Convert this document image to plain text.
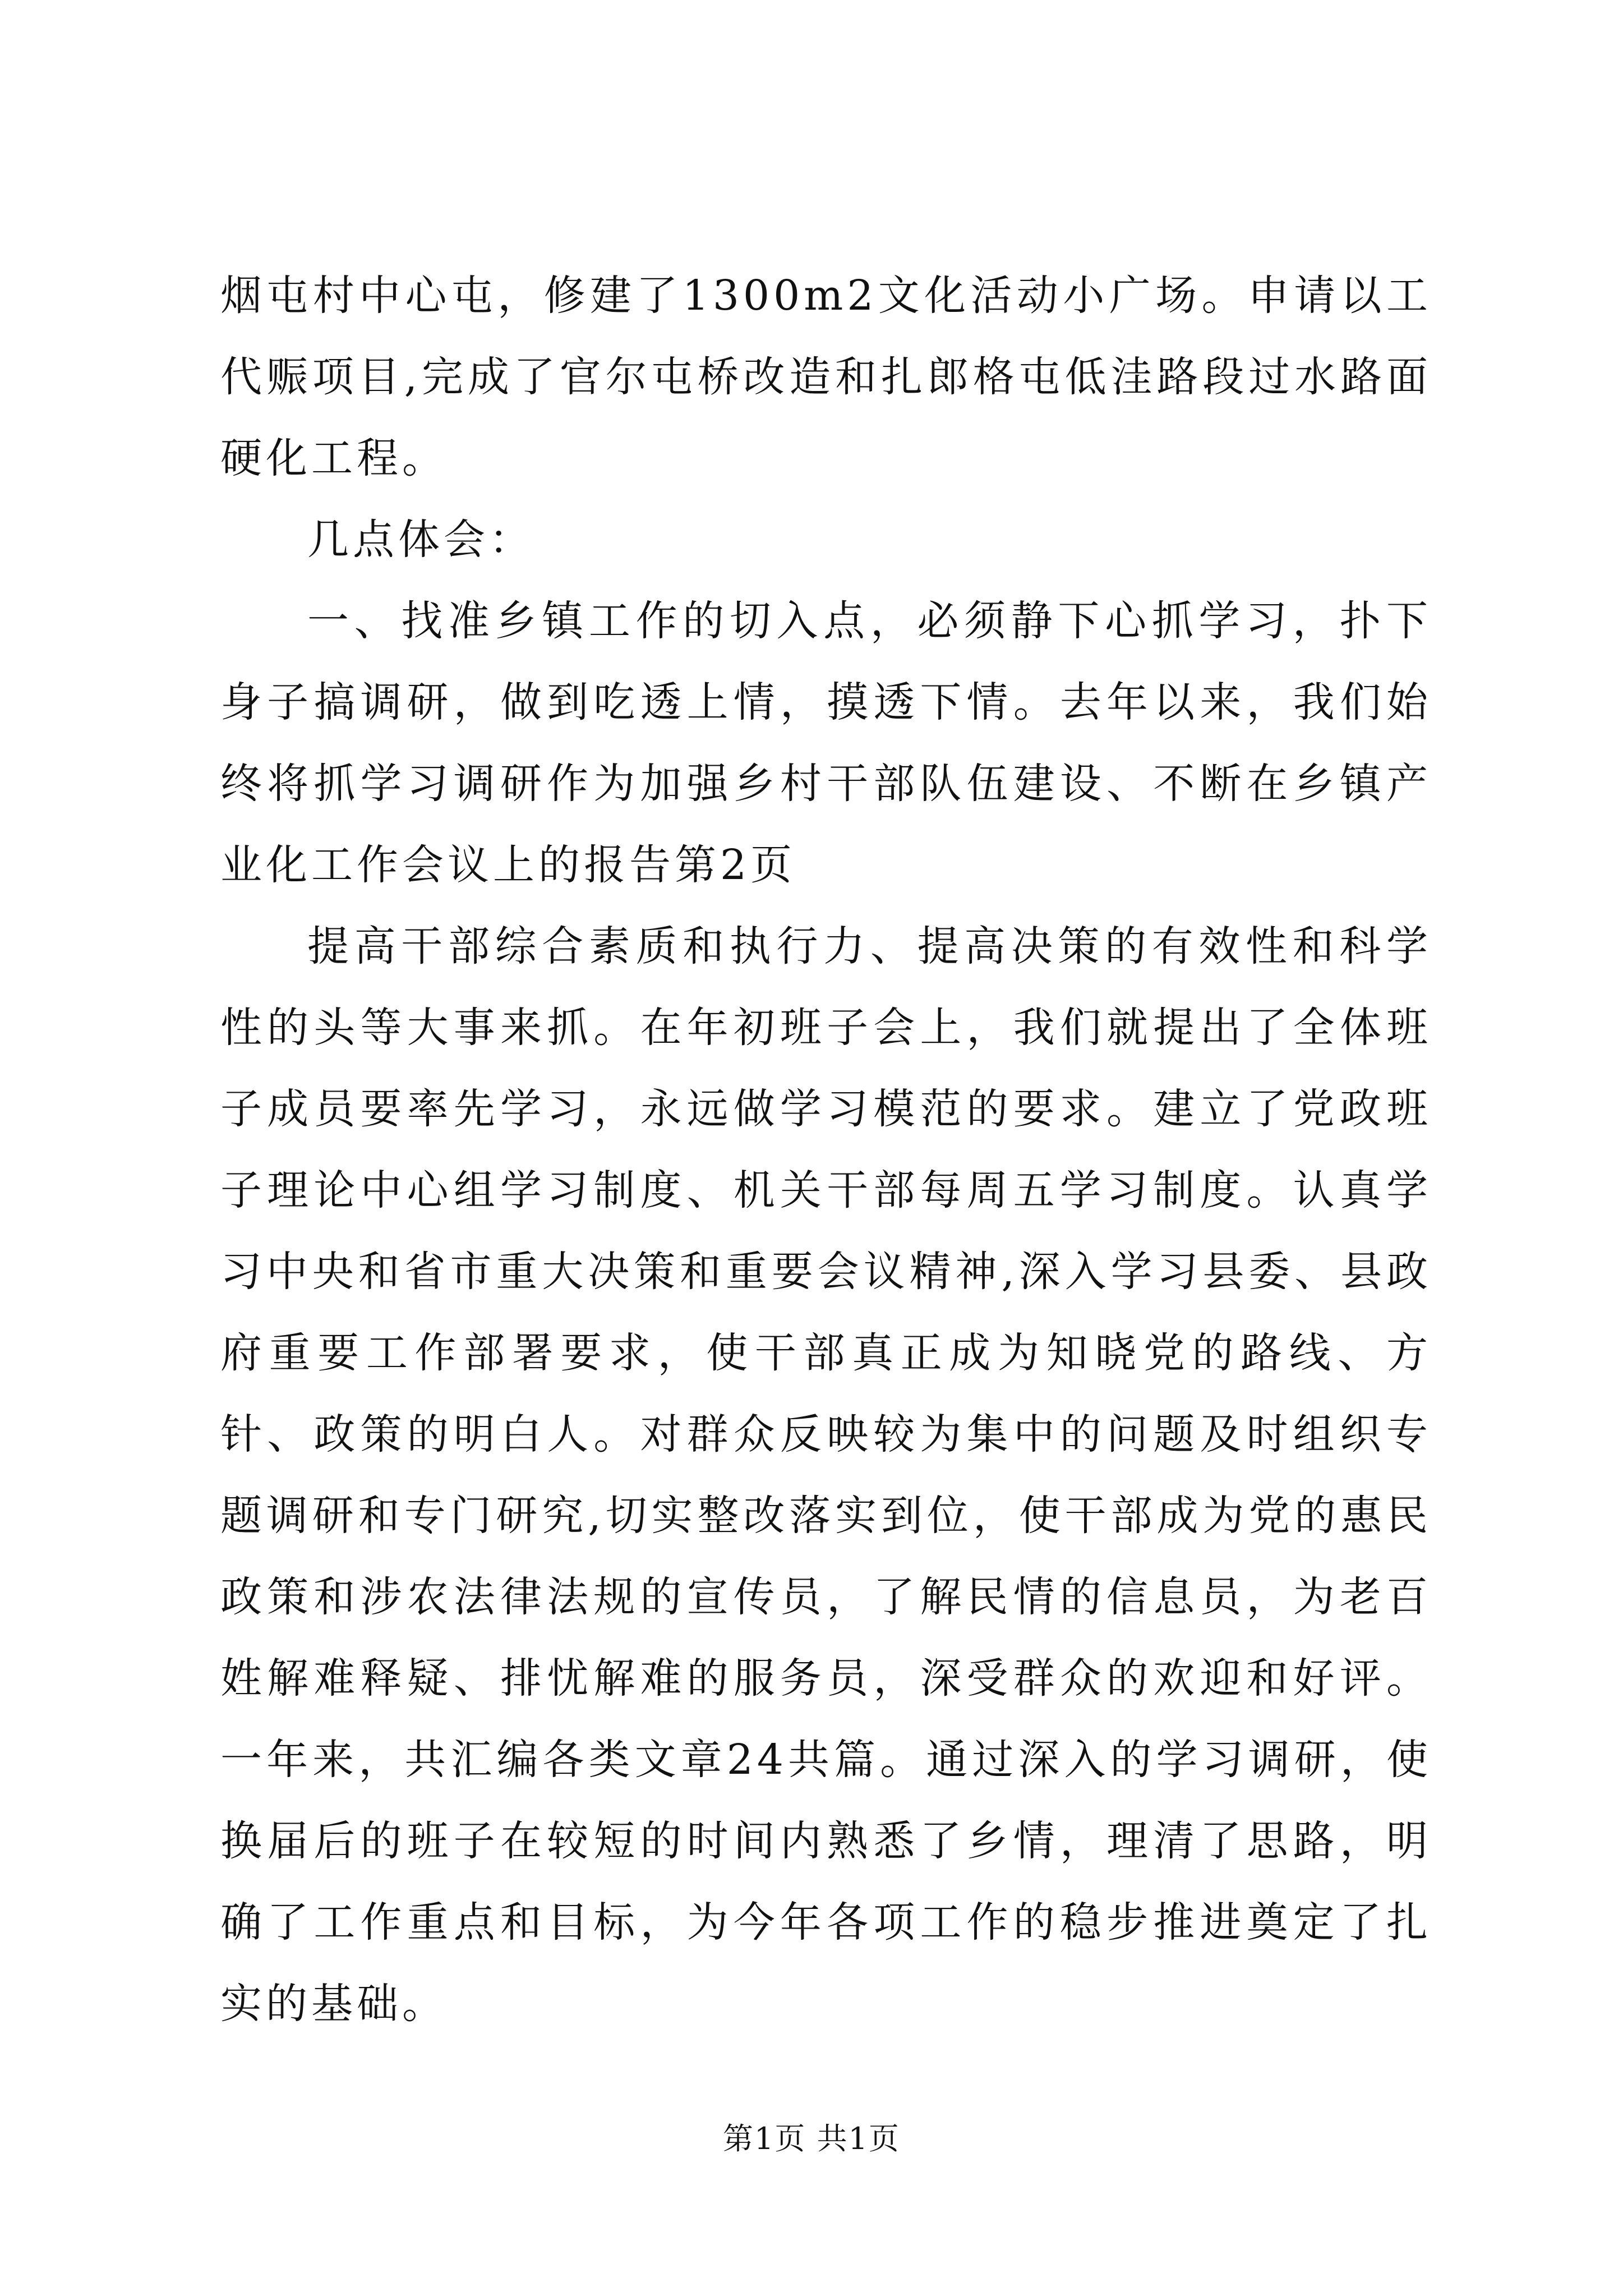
烟屯村中心屯，修建了1300m2文化活动小广场。申请以工代赈项目,完成了官尔屯桥改造和扎郎格屯低洼路段过水路面硬化工程。

几点体会：

一、找准乡镇工作的切入点，必须静下心抓学习，扑下身子搞调研，做到吃透上情，摸透下情。去年以来，我们始终将抓学习调研作为加强乡村干部队伍建设、不断在乡镇产业化工作会议上的报告第2页

提高干部综合素质和执行力、提高决策的有效性和科学性的头等大事来抓。在年初班子会上，我们就提出了全体班子成员要率先学习，永远做学习模范的要求。建立了党政班子理论中心组学习制度、机关干部每周五学习制度。认真学习中央和省市重大决策和重要会议精神,深入学习县委、县政府重要工作部署要求，使干部真正成为知晓党的路线、方针、政策的明白人。对群众反映较为集中的问题及时组织专题调研和专门研究,切实整改落实到位，使干部成为党的惠民政策和涉农法律法规的宣传员，了解民情的信息员，为老百姓解难释疑、排忧解难的服务员，深受群众的欢迎和好评。一年来，共汇编各类文章24共篇。通过深入的学习调研，使换届后的班子在较短的时间内熟悉了乡情，理清了思路，明确了工作重点和目标，为今年各项工作的稳步推进奠定了扎实的基础。

第1页 共1页
